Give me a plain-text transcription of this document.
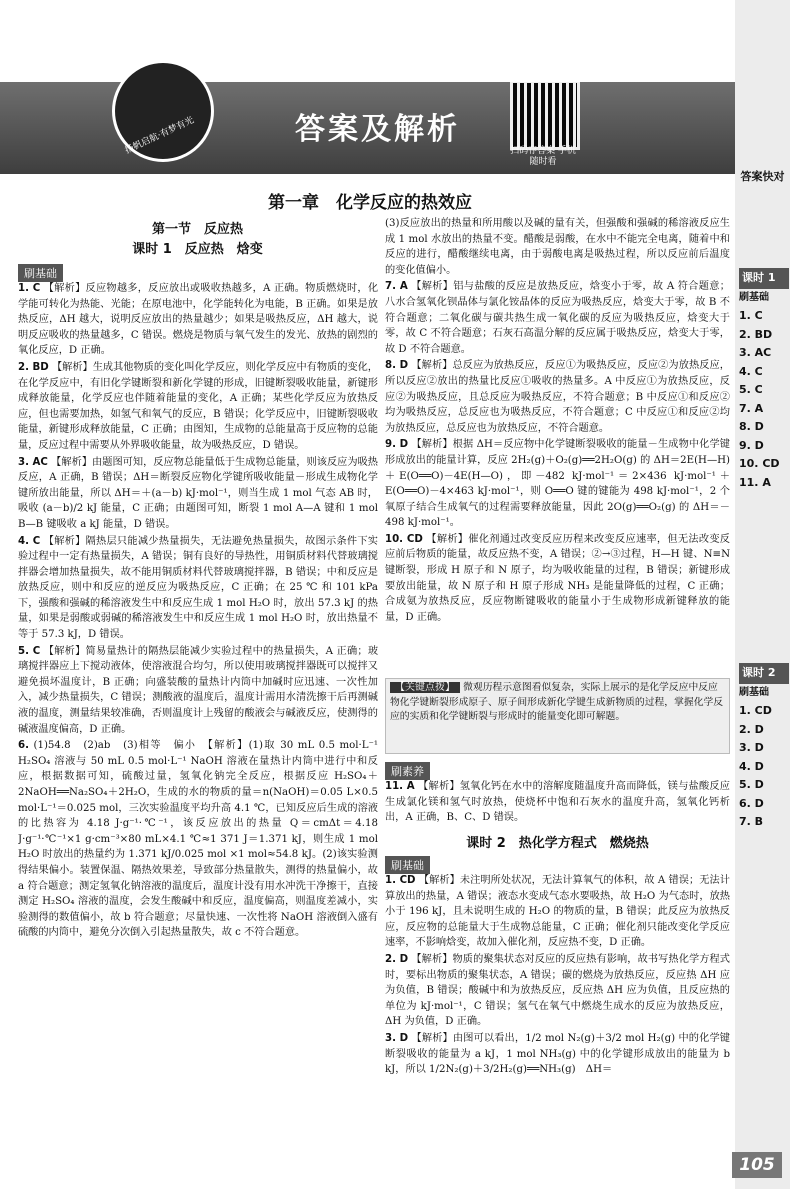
扬帆启航·有梦有光	答案及解析
扫码存答案 手机随时看
答案快对
第一章　化学反应的热效应
第一节　反应热
课时 1　反应热　焓变
刷基础

1. C 【解析】反应物越多，反应放出或吸收热越多，A 正确。物质燃烧时，化学能可转化为热能、光能；在原电池中，化学能转化为电能，B 正确。如果是放热反应，ΔH 越大，说明反应放出的热量越少；如果是吸热反应，ΔH 越大，说明反应吸收的热量越多，C 错误。燃烧是物质与氧气发生的发光、放热的剧烈的氧化反应，D 正确。

2. BD 【解析】生成其他物质的变化叫化学反应，则化学反应中有物质的变化，在化学反应中，有旧化学键断裂和新化学键的形成，旧键断裂吸收能量，新键形成释放能量，化学反应也伴随着能量的变化，A 正确；某些化学反应为放热反应，但也需要加热，如氢气和氧气的反应，B 错误；化学反应中，旧键断裂吸收能量，新键形成释放能量，C 正确；由图知，生成物的总能量高于反应物的总能量，反应过程中需要从外界吸收能量，故为吸热反应，D 错误。

3. AC 【解析】由题图可知，反应物总能量低于生成物总能量，则该反应为吸热反应，A 正确，B 错误；ΔH＝断裂反应物化学键所吸收能量－形成生成物化学键所放出能量，所以 ΔH＝＋(a－b) kJ·mol⁻¹，则当生成 1 mol 气态 AB 时，吸收 (a－b)/2 kJ 能量，C 正确；由题图可知，断裂 1 mol A—A 键和 1 mol B—B 键吸收 a kJ 能量，D 错误。

4. C 【解析】隔热层只能减少热量损失，无法避免热量损失，故图示条件下实验过程中一定有热量损失，A 错误；铜有良好的导热性，用铜质材料代替玻璃搅拌器会增加热量损失，故不能用铜质材料代替玻璃搅拌器，B 错误；中和反应是放热反应，则中和反应的逆反应为吸热反应，C 正确；在 25 ℃ 和 101 kPa 下，强酸和强碱的稀溶液发生中和反应生成 1 mol H₂O 时，放出 57.3 kJ 的热量，如果是弱酸或弱碱的稀溶液发生中和反应生成 1 mol H₂O 时，放出热量不等于 57.3 kJ，D 错误。

5. C 【解析】简易量热计的隔热层能减少实验过程中的热量损失，A 正确；玻璃搅拌器应上下搅动液体，使溶液混合均匀，所以使用玻璃搅拌器既可以搅拌又避免损坏温度计，B 正确；向盛装酸的量热计内筒中加碱时应迅速、一次性加入，减少热量损失，C 错误；测酸液的温度后，温度计需用水清洗擦干后再测碱液的温度，测量结果较准确，否则温度计上残留的酸液会与碱液反应，使测得的碱液温度偏高，D 正确。

6. (1)54.8　(2)ab　(3)相等　偏小　【解析】(1)取 30 mL 0.5 mol·L⁻¹ H₂SO₄ 溶液与 50 mL 0.5 mol·L⁻¹ NaOH 溶液在量热计内筒中进行中和反应，根据数据可知，硫酸过量，氢氧化钠完全反应，根据反应 H₂SO₄＋2NaOH══Na₂SO₄＋2H₂O，生成的水的物质的量＝n(NaOH)＝0.05 L×0.5 mol·L⁻¹＝0.025 mol，三次实验温度平均升高 4.1 ℃，已知反应后生成的溶液的比热容为 4.18 J·g⁻¹·℃⁻¹，该反应放出的热量 Q＝cmΔt＝4.18 J·g⁻¹·℃⁻¹×1 g·cm⁻³×80 mL×4.1 ℃≈1 371 J＝1.371 kJ，则生成 1 mol H₂O 时放出的热量约为 1.371 kJ/0.025 mol ×1 mol≈54.8 kJ。(2)该实验测得结果偏小。装置保温、隔热效果差，导致部分热量散失，测得的热量偏小，故 a 符合题意；测定氢氧化钠溶液的温度后，温度计没有用水冲洗干净擦干，直接测定 H₂SO₄ 溶液的温度，会发生酸碱中和反应，温度偏高，则温度差减小，实验测得的数值偏小，故 b 符合题意；尽量快速、一次性将 NaOH 溶液倒入盛有硫酸的内筒中，避免分次倒入引起热量散失，故 c 不符合题意。

(3)反应放出的热量和所用酸以及碱的量有关，但强酸和强碱的稀溶液反应生成 1 mol 水放出的热量不变。醋酸是弱酸，在水中不能完全电离，随着中和反应的进行，醋酸继续电离，由于弱酸电离是吸热过程，所以反应前后温度的变化值偏小。

7. A 【解析】铝与盐酸的反应是放热反应，焓变小于零，故 A 符合题意；八水合氢氧化钡晶体与氯化铵晶体的反应为吸热反应，焓变大于零，故 B 不符合题意；二氧化碳与碳共热生成一氧化碳的反应为吸热反应，焓变大于零，故 C 不符合题意；石灰石高温分解的反应属于吸热反应，焓变大于零，故 D 不符合题意。

8. D 【解析】总反应为放热反应，反应①为吸热反应，反应②为放热反应，所以反应②放出的热量比反应①吸收的热量多。A 中反应①为放热反应，反应②为吸热反应，且总反应为吸热反应，不符合题意；B 中反应①和反应②均为吸热反应，总反应也为吸热反应，不符合题意；C 中反应①和反应②均为放热反应，总反应也为放热反应，不符合题意。

9. D 【解析】根据 ΔH＝反应物中化学键断裂吸收的能量－生成物中化学键形成放出的能量计算，反应 2H₂(g)＋O₂(g)══2H₂O(g) 的 ΔH＝2E(H—H)＋E(O══O)－4E(H—O)，即－482 kJ·mol⁻¹＝2×436 kJ·mol⁻¹＋E(O══O)－4×463 kJ·mol⁻¹，则 O══O 键的键能为 498 kJ·mol⁻¹，2 个氧原子结合生成氧气的过程需要释放能量，因此 2O(g)══O₂(g) 的 ΔH＝－498 kJ·mol⁻¹。

10. CD 【解析】催化剂通过改变反应历程来改变反应速率，但无法改变反应前后物质的能量，故反应热不变，A 错误；②→③过程，H—H 键、N≡N 键断裂，形成 H 原子和 N 原子，均为吸收能量的过程，B 错误；新键形成要放出能量，故 N 原子和 H 原子形成 NH₃ 是能量降低的过程，C 正确；合成氨为放热反应，反应物断键吸收的能量小于生成物形成新键释放的能量，D 正确。

【关键点拨】 微观历程示意图看似复杂，实际上展示的是化学反应中反应物化学键断裂形成原子、原子间形成新化学键生成新物质的过程，掌握化学反应的实质和化学键断裂与形成时的能量变化即可解题。
刷素养

11. A 【解析】氢氧化钙在水中的溶解度随温度升高而降低，镁与盐酸反应生成氯化镁和氢气时放热，使烧杯中饱和石灰水的温度升高，氢氧化钙析出，A 正确，B、C、D 错误。

课时 2　热化学方程式　燃烧热
刷基础

1. CD 【解析】未注明所处状况，无法计算氧气的体积，故 A 错误；无法计算放出的热量，A 错误；液态水变成气态水要吸热，故 H₂O 为气态时，放热小于 196 kJ，且未说明生成的 H₂O 的物质的量，B 错误；此反应为放热反应，反应物的总能量大于生成物总能量，C 正确；催化剂只能改变化学反应速率，不影响焓变，故加入催化剂，反应热不变，D 正确。

2. D 【解析】物质的聚集状态对反应的反应热有影响，故书写热化学方程式时，要标出物质的聚集状态，A 错误；碳的燃烧为放热反应，反应热 ΔH 应为负值，B 错误；酸碱中和为放热反应，反应热 ΔH 应为负值，且反应热的单位为 kJ·mol⁻¹，C 错误；氢气在氧气中燃烧生成水的反应为放热反应，ΔH 为负值，D 正确。

3. D 【解析】由图可以看出，1/2 mol N₂(g)＋3/2 mol H₂(g) 中的化学键断裂吸收的能量为 a kJ，1 mol NH₃(g) 中的化学键形成放出的能量为 b kJ，所以 1/2N₂(g)＋3/2H₂(g)══NH₃(g)　ΔH＝

课时 1
刷基础
1. C
2. BD
3. AC
4. C
5. C
7. A
8. D
9. D
10. CD
11. A
课时 2
刷基础
1. CD
2. D
3. D
4. D
5. D
6. D
7. B
105
